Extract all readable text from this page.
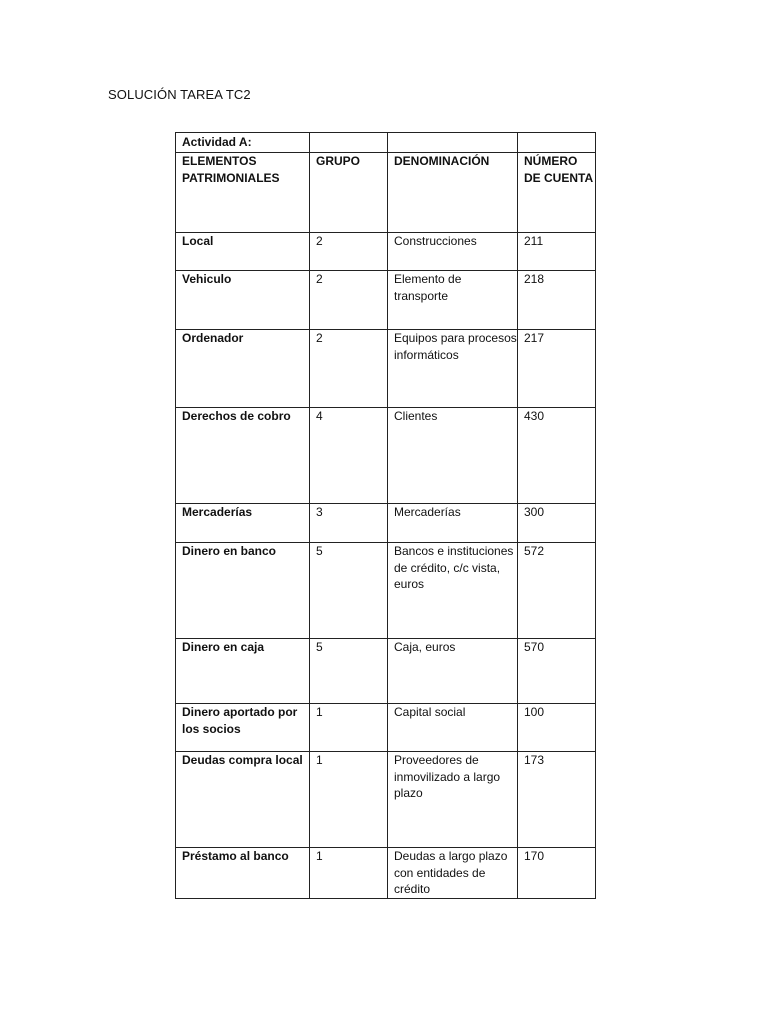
SOLUCIÓN TAREA TC2
Actividad A:			
ELEMENTOS PATRIMONIALES	GRUPO	DENOMINACIÓN	NÚMERO DE CUENTA
Local	2	Construcciones	211
Vehiculo	2	Elemento de transporte	218
Ordenador	2	Equipos para procesos informáticos	217
Derechos de cobro	4	Clientes	430
Mercaderías	3	Mercaderías	300
Dinero en banco	5	Bancos e instituciones de crédito, c/c vista, euros	572
Dinero en caja	5	Caja, euros	570
Dinero aportado por los socios	1	Capital social	100
Deudas compra local	1	Proveedores de inmovilizado a largo plazo	173
Préstamo al banco	1	Deudas a largo plazo con entidades de crédito	170
